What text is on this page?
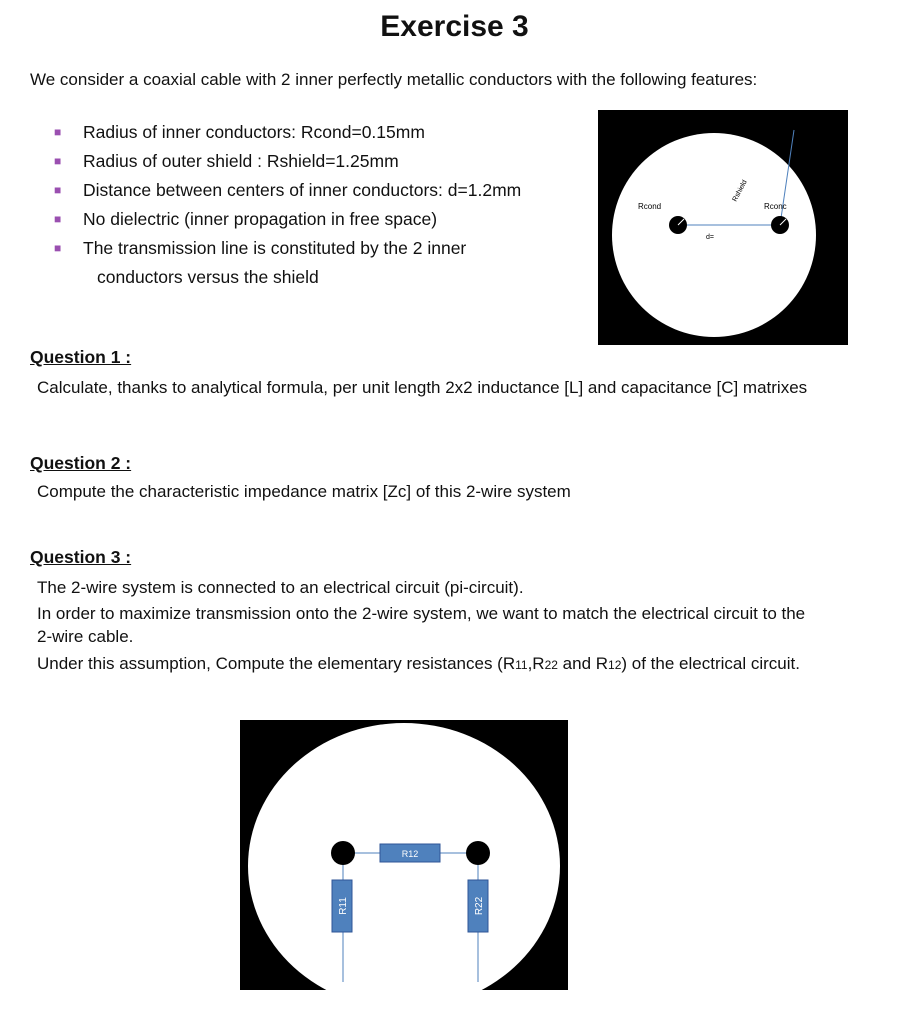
Exercise 3

We consider a coaxial cable with 2 inner perfectly metallic conductors with the following features:

■ Radius of inner conductors: Rcond=0.15mm
■ Radius of outer shield : Rshield=1.25mm
■ Distance between centers of inner conductors: d=1.2mm
■ No dielectric (inner propagation in free space)
■ The transmission line is constituted by the 2 inner
conductors versus the shield
Rcond	Rconc
d=
Rshield
ı
Question 1 :

Calculate, thanks to analytical formula, per unit length 2x2 inductance [L] and capacitance [C] matrixes

Question 2 :

Compute the characteristic impedance matrix [Zc] of this 2-wire system

Question 3 :

The 2-wire system is connected to an electrical circuit (pi-circuit).

In order to maximize transmission onto the 2-wire system, we want to match the electrical circuit to the 2-wire cable.

Under this assumption, Compute the elementary resistances (R11,R22 and R12) of the electrical circuit.

R12
R11	R22
